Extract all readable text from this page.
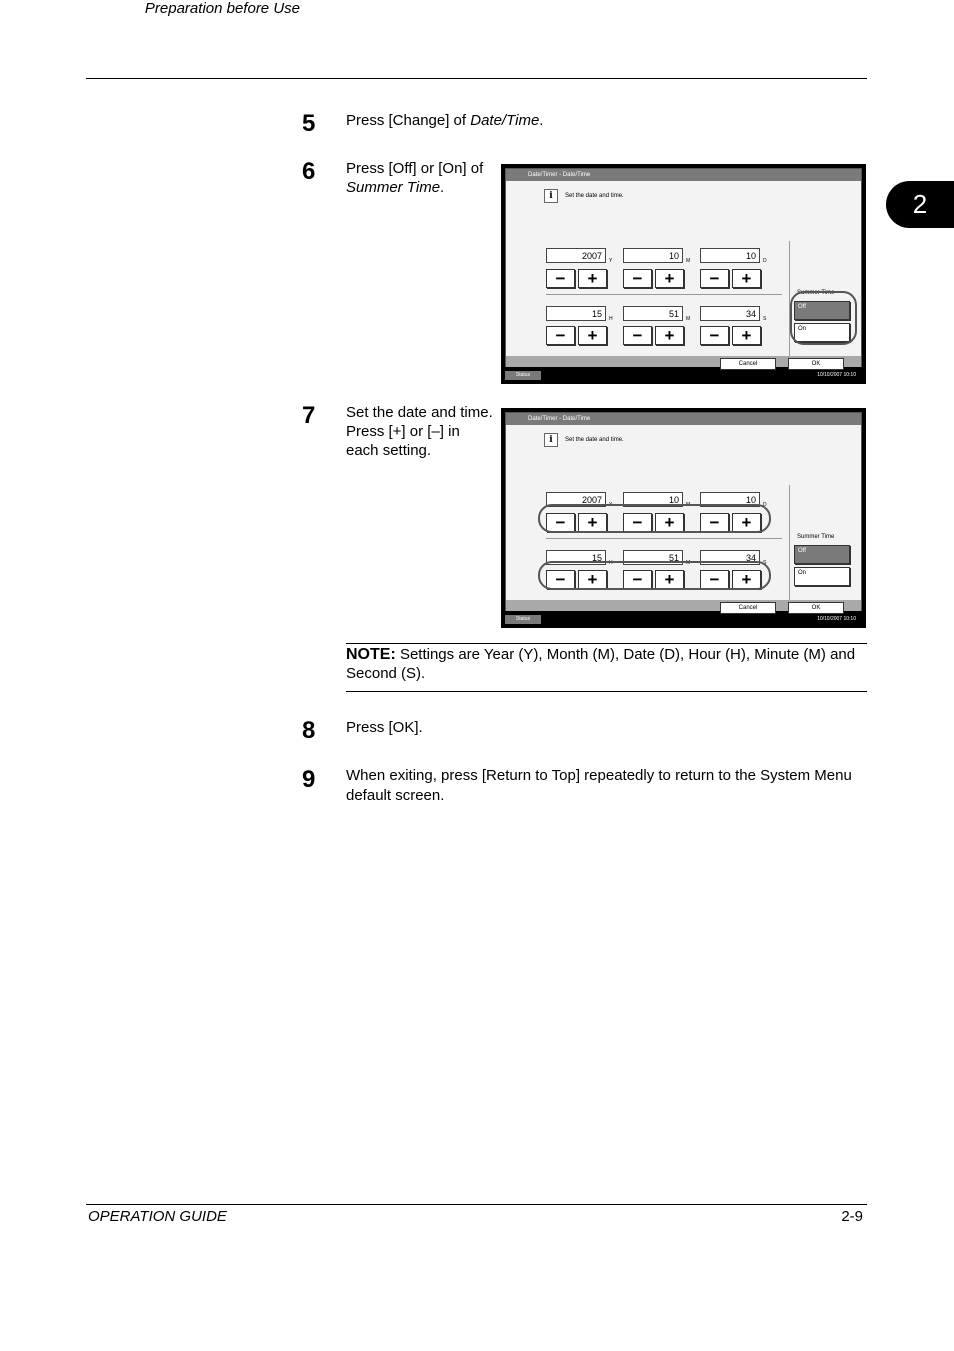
Preparation before Use
2
5 Press [Change] of Date/Time.
6 Press [Off] or [On] of Summer Time.
Date/Timer - Date/Time
i	Set the date and time.
2007	Y	10	M	10	D
−	+	−	+	−	+
15	H	51	M	34	S
−	+	−	+	−	+
Summer Time
Off
On
Cancel	OK
Status	10/10/2007 10:10
7 Set the date and time. Press [+] or [–] in each setting.
Date/Timer - Date/Time
i	Set the date and time.
2007	Y	10	M	10	D
−	+	−	+	−	+
15	H	51	M	34	S
−	+	−	+	−	+
Summer Time
Off
On
Cancel	OK
Status	10/10/2007 10:10
NOTE: Settings are Year (Y), Month (M), Date (D), Hour (H), Minute (M) and Second (S).
8 Press [OK].
9 When exiting, press [Return to Top] repeatedly to return to the System Menu default screen.
OPERATION GUIDE	2-9
